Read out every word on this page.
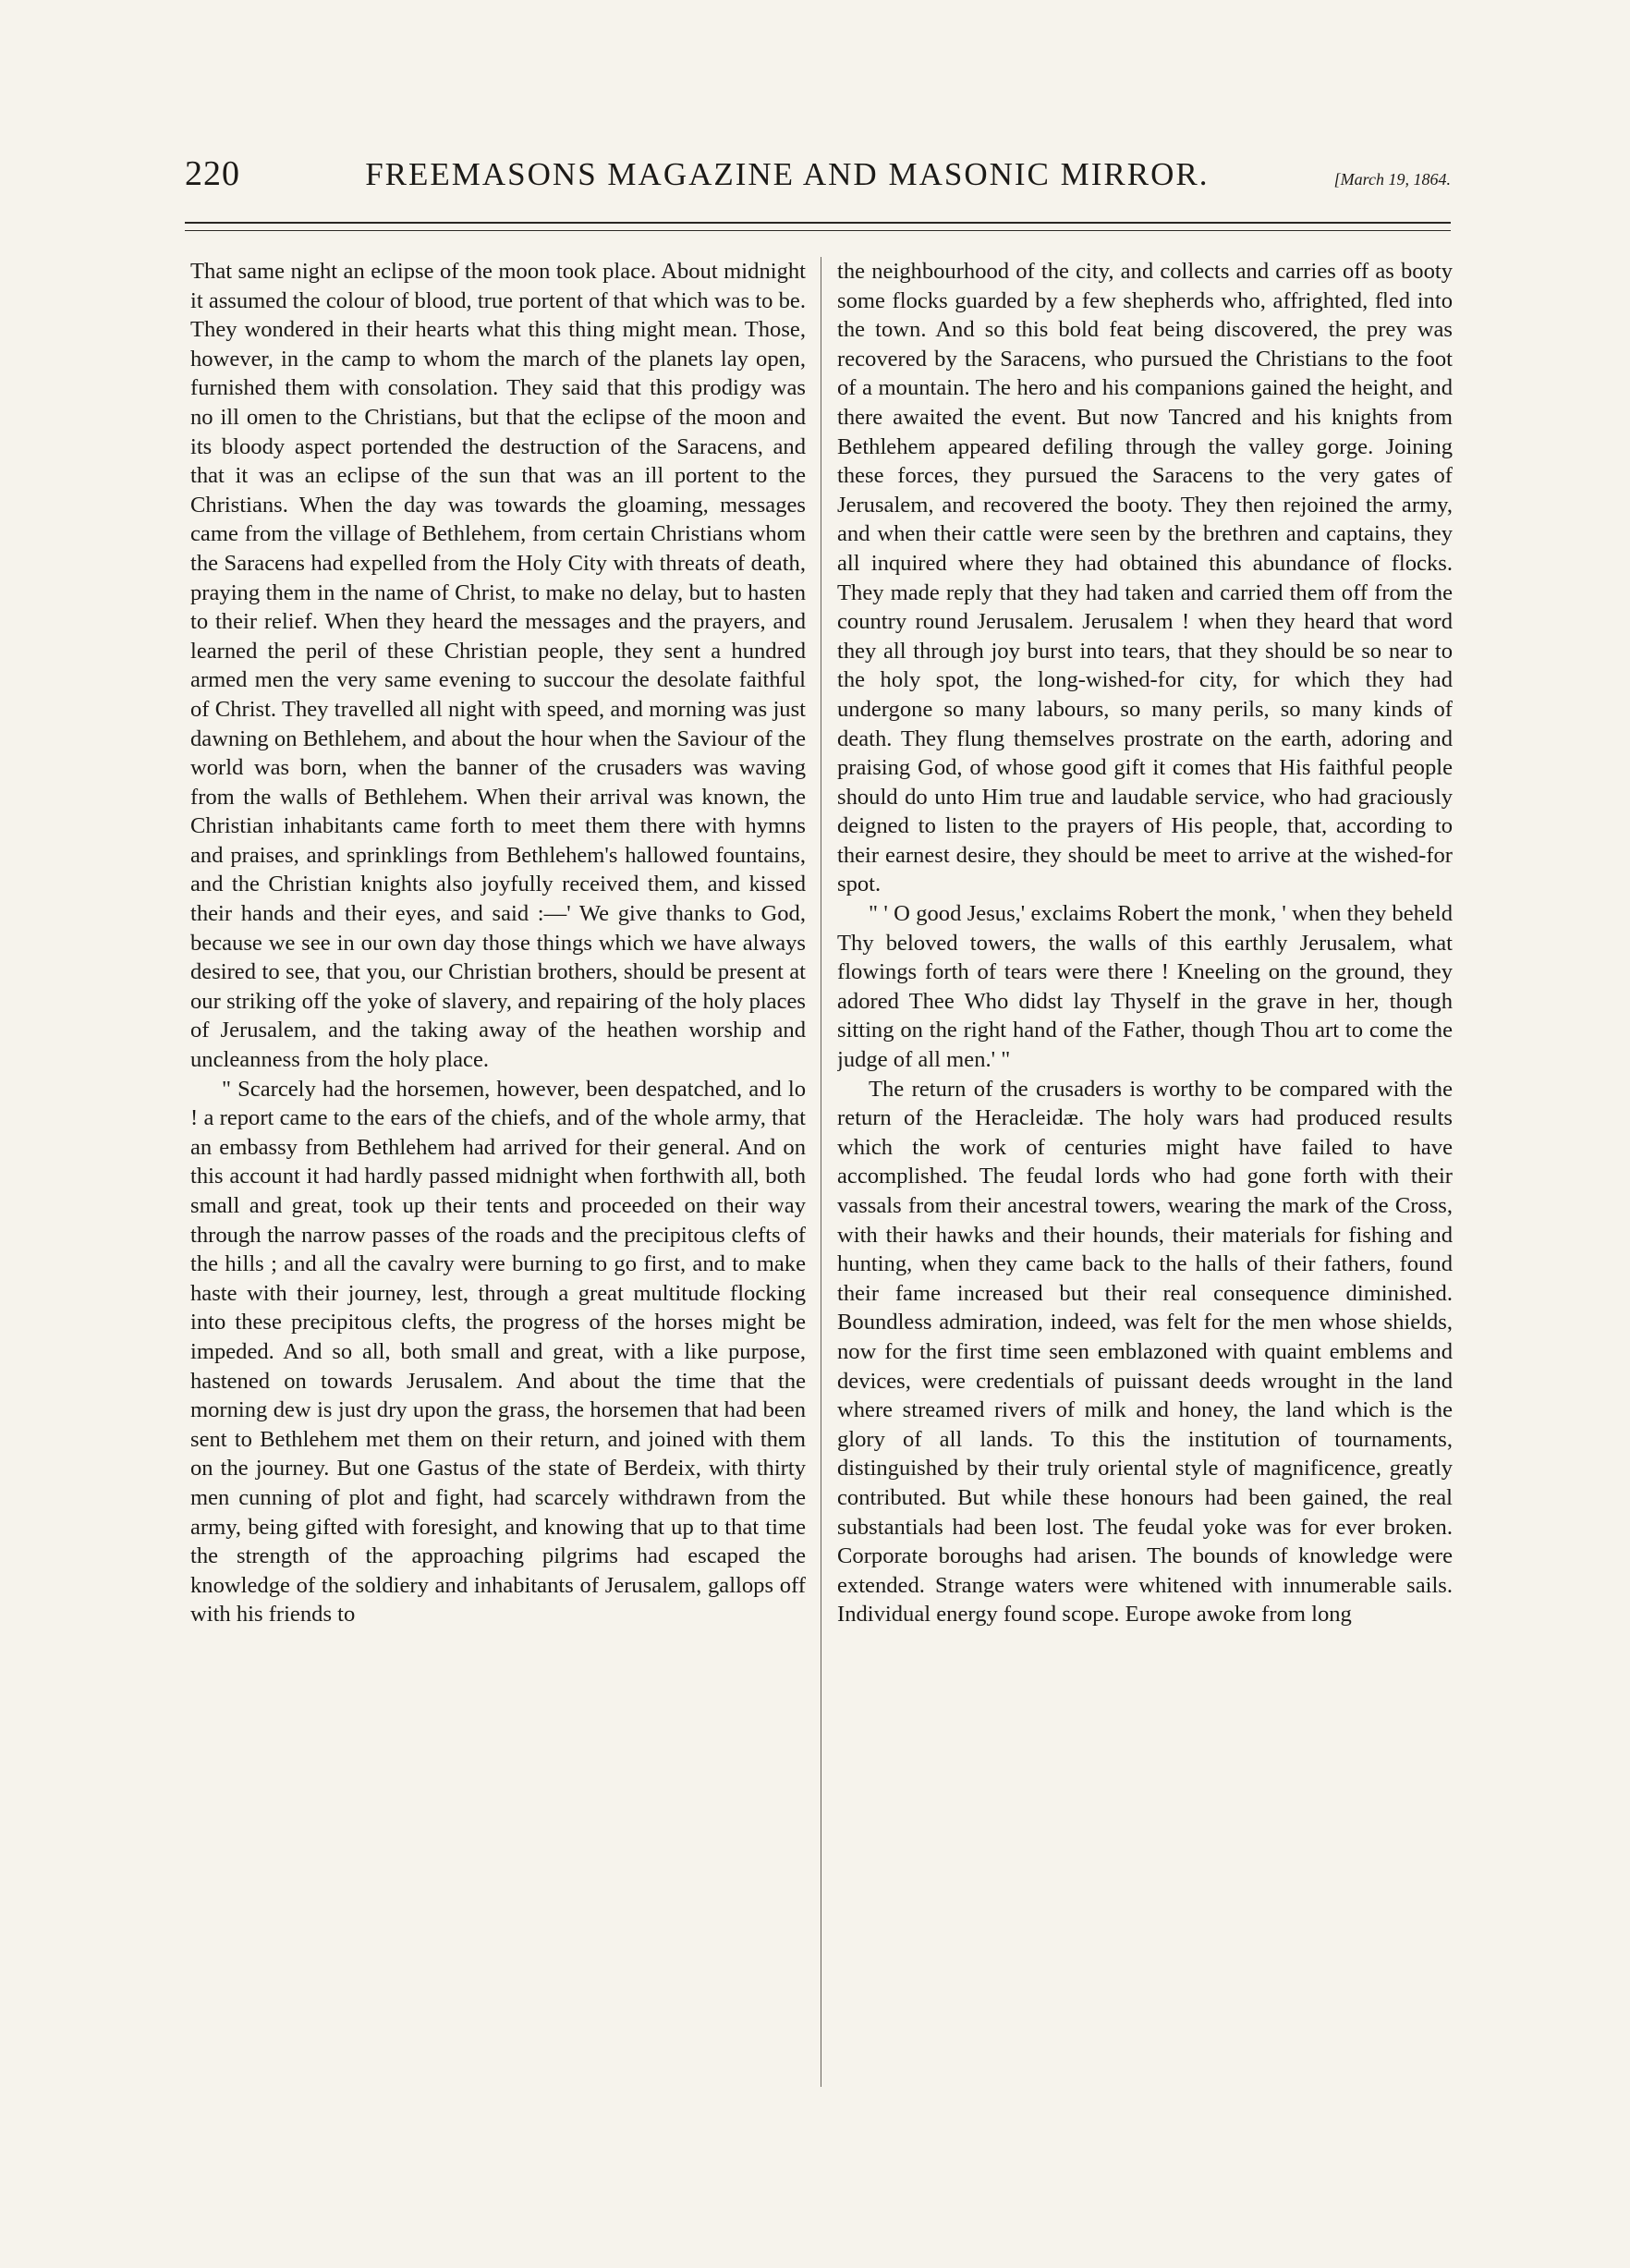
220	FREEMASONS MAGAZINE AND MASONIC MIRROR.	[March 19, 1864.

That same night an eclipse of the moon took place. About midnight it assumed the colour of blood, true portent of that which was to be. They wondered in their hearts what this thing might mean. Those, however, in the camp to whom the march of the planets lay open, furnished them with consolation. They said that this prodigy was no ill omen to the Christians, but that the eclipse of the moon and its bloody aspect portended the destruction of the Saracens, and that it was an eclipse of the sun that was an ill portent to the Christians. When the day was towards the gloaming, messages came from the village of Bethlehem, from certain Christians whom the Saracens had expelled from the Holy City with threats of death, praying them in the name of Christ, to make no delay, but to hasten to their relief. When they heard the messages and the prayers, and learned the peril of these Christian people, they sent a hundred armed men the very same evening to succour the desolate faithful of Christ. They travelled all night with speed, and morning was just dawning on Bethlehem, and about the hour when the Saviour of the world was born, when the banner of the crusaders was waving from the walls of Bethlehem. When their arrival was known, the Christian inhabitants came forth to meet them there with hymns and praises, and sprinklings from Bethlehem's hallowed fountains, and the Christian knights also joyfully received them, and kissed their hands and their eyes, and said :—' We give thanks to God, because we see in our own day those things which we have always desired to see, that you, our Christian brothers, should be present at our striking off the yoke of slavery, and repairing of the holy places of Jerusalem, and the taking away of the heathen worship and uncleanness from the holy place.

" Scarcely had the horsemen, however, been despatched, and lo ! a report came to the ears of the chiefs, and of the whole army, that an embassy from Bethlehem had arrived for their general. And on this account it had hardly passed midnight when forthwith all, both small and great, took up their tents and proceeded on their way through the narrow passes of the roads and the precipitous clefts of the hills ; and all the cavalry were burning to go first, and to make haste with their journey, lest, through a great multitude flocking into these precipitous clefts, the progress of the horses might be impeded. And so all, both small and great, with a like purpose, hastened on towards Jerusalem. And about the time that the morning dew is just dry upon the grass, the horsemen that had been sent to Bethlehem met them on their return, and joined with them on the journey. But one Gastus of the state of Berdeix, with thirty men cunning of plot and fight, had scarcely withdrawn from the army, being gifted with foresight, and knowing that up to that time the strength of the approaching pilgrims had escaped the knowledge of the soldiery and inhabitants of Jerusalem, gallops off with his friends to

the neighbourhood of the city, and collects and carries off as booty some flocks guarded by a few shepherds who, affrighted, fled into the town. And so this bold feat being discovered, the prey was recovered by the Saracens, who pursued the Christians to the foot of a mountain. The hero and his companions gained the height, and there awaited the event. But now Tancred and his knights from Bethlehem appeared defiling through the valley gorge. Joining these forces, they pursued the Saracens to the very gates of Jerusalem, and recovered the booty. They then rejoined the army, and when their cattle were seen by the brethren and captains, they all inquired where they had obtained this abundance of flocks. They made reply that they had taken and carried them off from the country round Jerusalem. Jerusalem ! when they heard that word they all through joy burst into tears, that they should be so near to the holy spot, the long-wished-for city, for which they had undergone so many labours, so many perils, so many kinds of death. They flung themselves prostrate on the earth, adoring and praising God, of whose good gift it comes that His faithful people should do unto Him true and laudable service, who had graciously deigned to listen to the prayers of His people, that, according to their earnest desire, they should be meet to arrive at the wished-for spot.

" ' O good Jesus,' exclaims Robert the monk, ' when they beheld Thy beloved towers, the walls of this earthly Jerusalem, what flowings forth of tears were there ! Kneeling on the ground, they adored Thee Who didst lay Thyself in the grave in her, though sitting on the right hand of the Father, though Thou art to come the judge of all men.' "

The return of the crusaders is worthy to be compared with the return of the Heracleidæ. The holy wars had produced results which the work of centuries might have failed to have accomplished. The feudal lords who had gone forth with their vassals from their ancestral towers, wearing the mark of the Cross, with their hawks and their hounds, their materials for fishing and hunting, when they came back to the halls of their fathers, found their fame increased but their real consequence diminished. Boundless admiration, indeed, was felt for the men whose shields, now for the first time seen emblazoned with quaint emblems and devices, were credentials of puissant deeds wrought in the land where streamed rivers of milk and honey, the land which is the glory of all lands. To this the institution of tournaments, distinguished by their truly oriental style of magnificence, greatly contributed. But while these honours had been gained, the real substantials had been lost. The feudal yoke was for ever broken. Corporate boroughs had arisen. The bounds of knowledge were extended. Strange waters were whitened with innumerable sails. Individual energy found scope. Europe awoke from long
